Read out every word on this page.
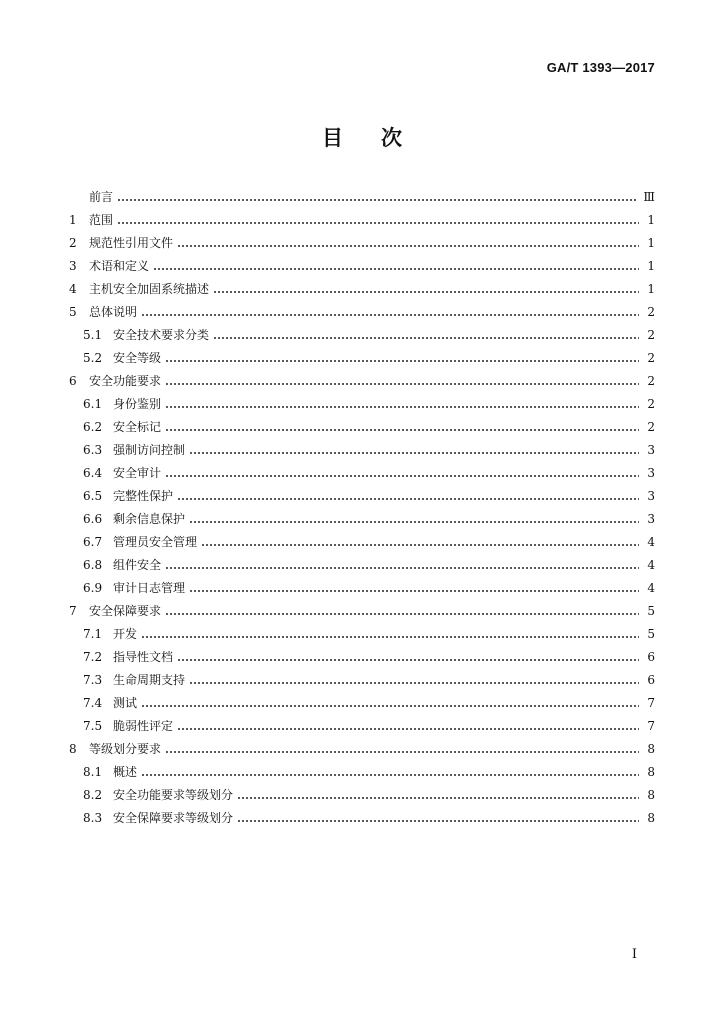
GA/T 1393—2017
目 次
前言	Ⅲ
1	范围	1
2	规范性引用文件	1
3	术语和定义	1
4	主机安全加固系统描述	1
5	总体说明	2
5.1 安全技术要求分类	2
5.2 安全等级	2
6	安全功能要求	2
6.1 身份鉴别	2
6.2 安全标记	2
6.3 强制访问控制	3
6.4 安全审计	3
6.5 完整性保护	3
6.6 剩余信息保护	3
6.7 管理员安全管理	4
6.8 组件安全	4
6.9 审计日志管理	4
7	安全保障要求	5
7.1 开发	5
7.2 指导性文档	6
7.3 生命周期支持	6
7.4 测试	7
7.5 脆弱性评定	7
8	等级划分要求	8
8.1 概述	8
8.2 安全功能要求等级划分	8
8.3 安全保障要求等级划分	8
I
